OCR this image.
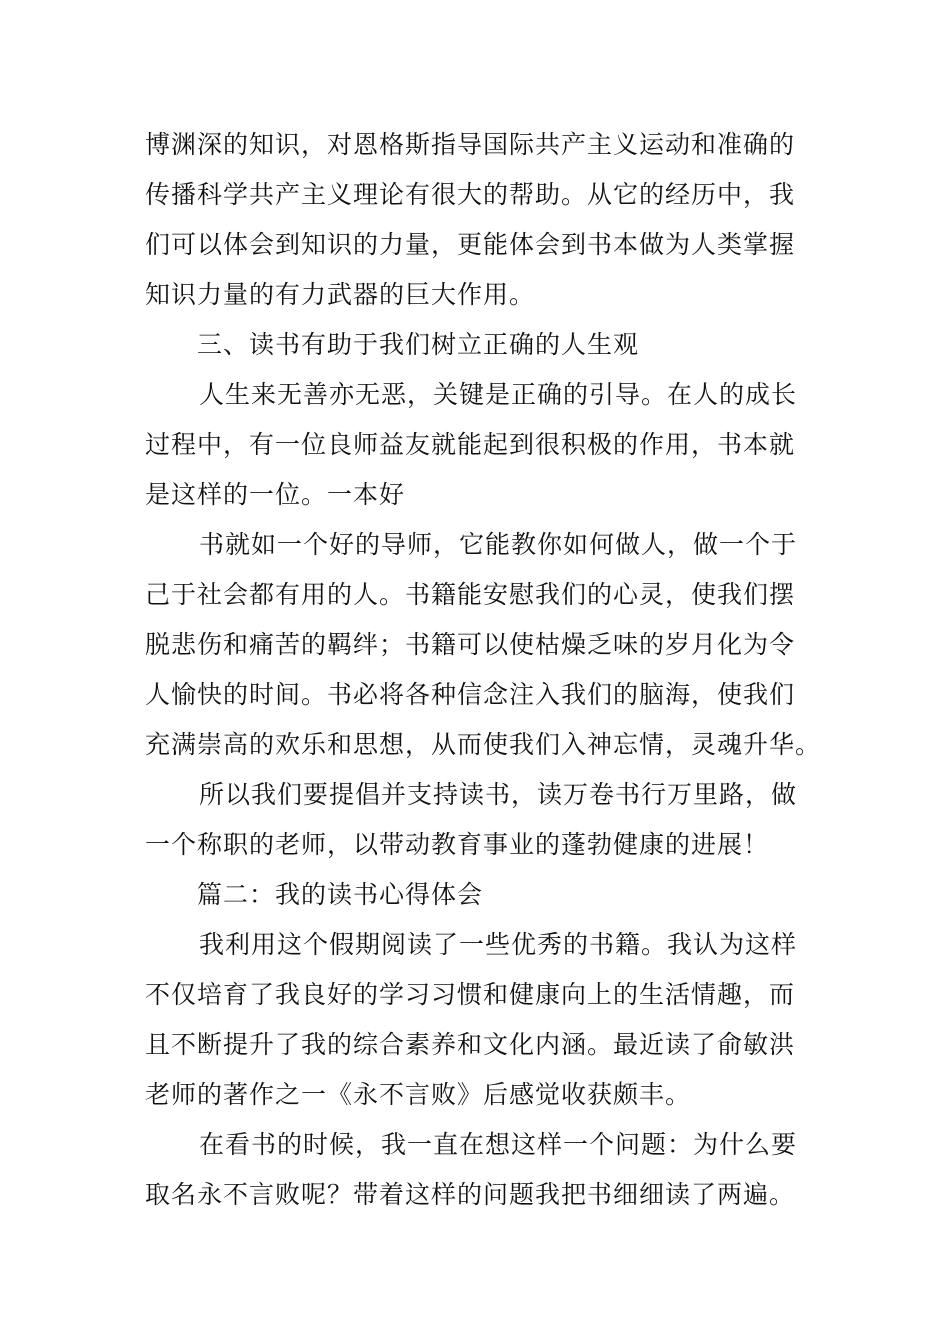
博渊深的知识，对恩格斯指导国际共产主义运动和准确的
传播科学共产主义理论有很大的帮助。从它的经历中，我
们可以体会到知识的力量，更能体会到书本做为人类掌握
知识力量的有力武器的巨大作用。
三、读书有助于我们树立正确的人生观
人生来无善亦无恶，关键是正确的引导。在人的成长
过程中，有一位良师益友就能起到很积极的作用，书本就
是这样的一位。一本好
书就如一个好的导师，它能教你如何做人，做一个于
己于社会都有用的人。书籍能安慰我们的心灵，使我们摆
脱悲伤和痛苦的羁绊；书籍可以使枯燥乏味的岁月化为令
人愉快的时间。书必将各种信念注入我们的脑海，使我们
充满崇高的欢乐和思想，从而使我们入神忘情，灵魂升华。
所以我们要提倡并支持读书，读万卷书行万里路，做
一个称职的老师，以带动教育事业的蓬勃健康的进展！
篇二：我的读书心得体会
我利用这个假期阅读了一些优秀的书籍。我认为这样
不仅培育了我良好的学习习惯和健康向上的生活情趣，而
且不断提升了我的综合素养和文化内涵。最近读了俞敏洪
老师的著作之一《永不言败》后感觉收获颇丰。
在看书的时候，我一直在想这样一个问题：为什么要
取名永不言败呢？带着这样的问题我把书细细读了两遍。
